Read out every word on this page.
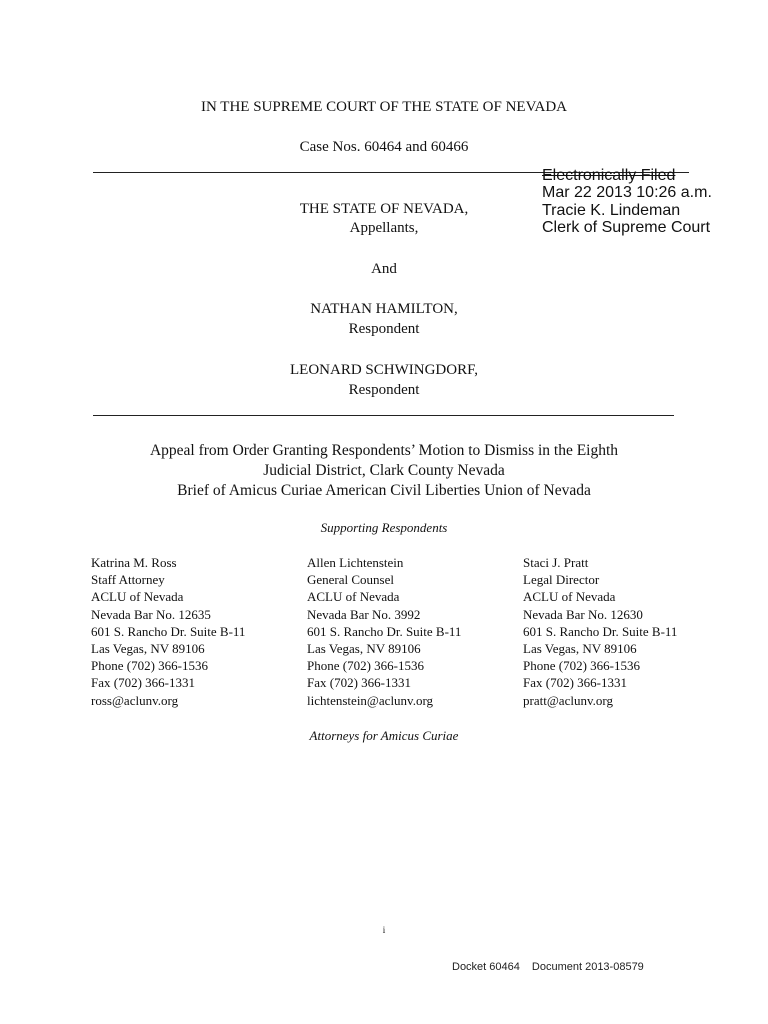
IN THE SUPREME COURT OF THE STATE OF NEVADA
Case Nos. 60464 and 60466
Electronically Filed
Mar 22 2013 10:26 a.m.
Tracie K. Lindeman
Clerk of Supreme Court
THE STATE OF NEVADA,
Appellants,
And
NATHAN HAMILTON,
Respondent
LEONARD SCHWINGDORF,
Respondent
Appeal from Order Granting Respondents’ Motion to Dismiss in the Eighth
Judicial District, Clark County Nevada
Brief of Amicus Curiae American Civil Liberties Union of Nevada
Supporting Respondents
Katrina M. Ross
Staff Attorney
ACLU of Nevada
Nevada Bar No. 12635
601 S. Rancho Dr. Suite B-11
Las Vegas, NV 89106
Phone (702) 366-1536
Fax (702) 366-1331
ross@aclunv.org
Allen Lichtenstein
General Counsel
ACLU of Nevada
Nevada Bar No. 3992
601 S. Rancho Dr. Suite B-11
Las Vegas, NV 89106
Phone (702) 366-1536
Fax (702) 366-1331
lichtenstein@aclunv.org
Staci J. Pratt
Legal Director
ACLU of Nevada
Nevada Bar No. 12630
601 S. Rancho Dr. Suite B-11
Las Vegas, NV 89106
Phone (702) 366-1536
Fax (702) 366-1331
pratt@aclunv.org
Attorneys for Amicus Curiae
i
Docket 60464 Document 2013-08579
